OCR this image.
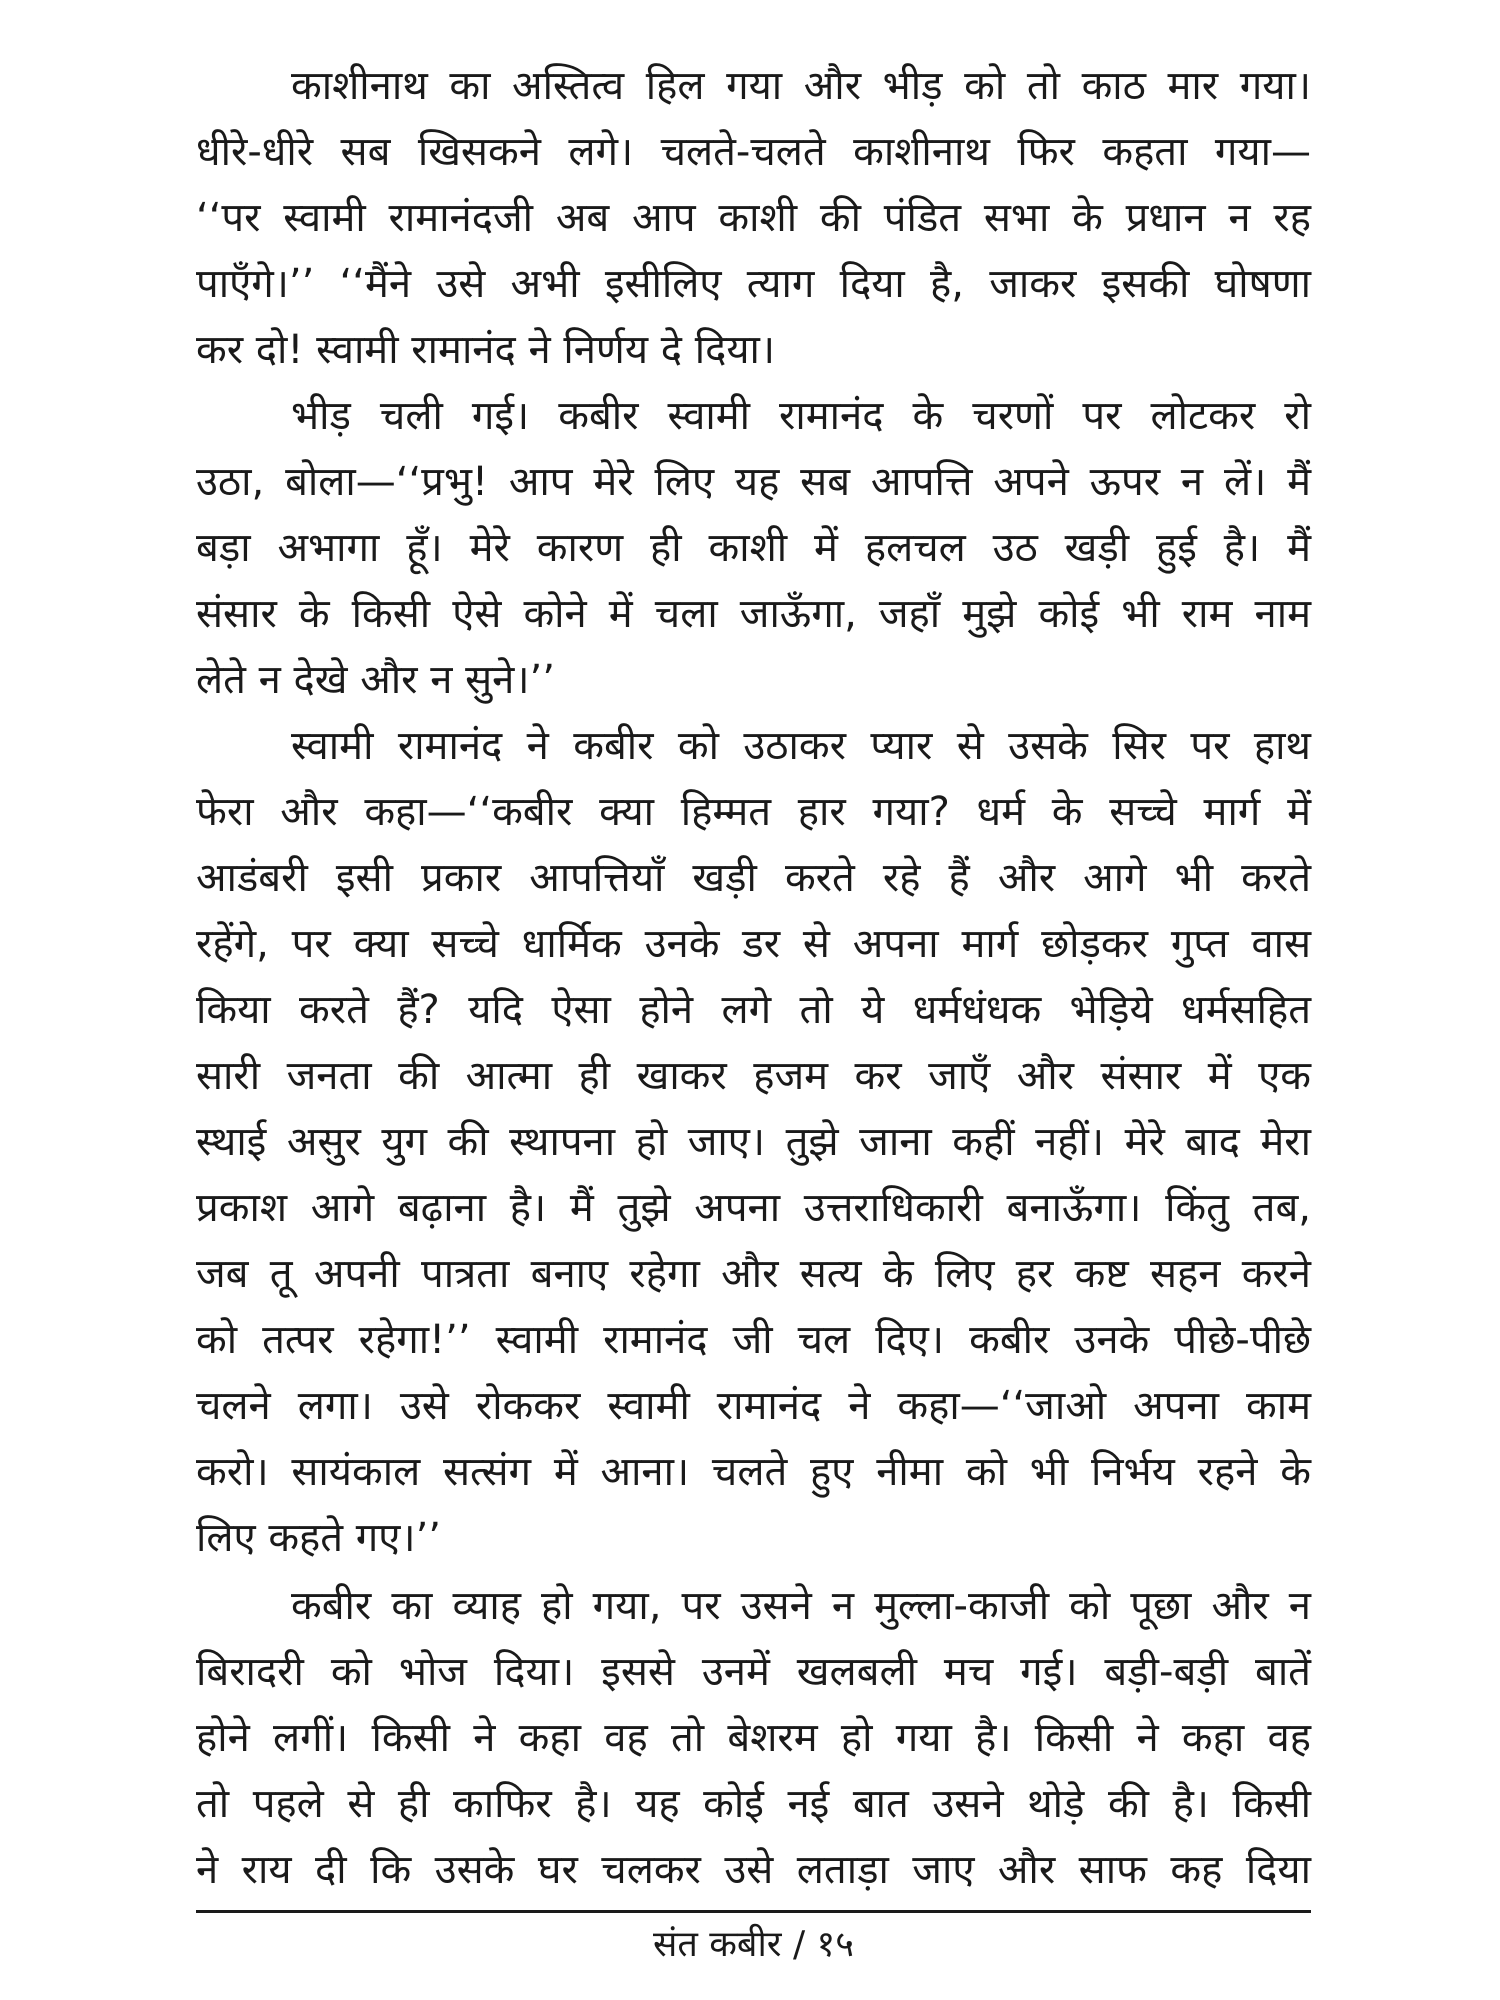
काशीनाथ का अस्तित्व हिल गया और भीड़ को तो काठ मार गया।
धीरे-धीरे सब खिसकने लगे। चलते-चलते काशीनाथ फिर कहता गया—
‘‘पर स्वामी रामानंदजी अब आप काशी की पंडित सभा के प्रधान न रह
पाएँगे।’’ ‘‘मैंने उसे अभी इसीलिए त्याग दिया है, जाकर इसकी घोषणा
कर दो! स्वामी रामानंद ने निर्णय दे दिया।
भीड़ चली गई। कबीर स्वामी रामानंद के चरणों पर लोटकर रो
उठा, बोला—‘‘प्रभु! आप मेरे लिए यह सब आपत्ति अपने ऊपर न लें। मैं
बड़ा अभागा हूँ। मेरे कारण ही काशी में हलचल उठ खड़ी हुई है। मैं
संसार के किसी ऐसे कोने में चला जाऊँगा, जहाँ मुझे कोई भी राम नाम
लेते न देखे और न सुने।’’
स्वामी रामानंद ने कबीर को उठाकर प्यार से उसके सिर पर हाथ
फेरा और कहा—‘‘कबीर क्या हिम्मत हार गया? धर्म के सच्चे मार्ग में
आडंबरी इसी प्रकार आपत्तियाँ खड़ी करते रहे हैं और आगे भी करते
रहेंगे, पर क्या सच्चे धार्मिक उनके डर से अपना मार्ग छोड़कर गुप्त वास
किया करते हैं? यदि ऐसा होने लगे तो ये धर्मधंधक भेड़िये धर्मसहित
सारी जनता की आत्मा ही खाकर हजम कर जाएँ और संसार में एक
स्थाई असुर युग की स्थापना हो जाए। तुझे जाना कहीं नहीं। मेरे बाद मेरा
प्रकाश आगे बढ़ाना है। मैं तुझे अपना उत्तराधिकारी बनाऊँगा। किंतु तब,
जब तू अपनी पात्रता बनाए रहेगा और सत्य के लिए हर कष्ट सहन करने
को तत्पर रहेगा!’’ स्वामी रामानंद जी चल दिए। कबीर उनके पीछे-पीछे
चलने लगा। उसे रोककर स्वामी रामानंद ने कहा—‘‘जाओ अपना काम
करो। सायंकाल सत्संग में आना। चलते हुए नीमा को भी निर्भय रहने के
लिए कहते गए।’’
कबीर का व्याह हो गया, पर उसने न मुल्ला-काजी को पूछा और न
बिरादरी को भोज दिया। इससे उनमें खलबली मच गई। बड़ी-बड़ी बातें
होने लगीं। किसी ने कहा वह तो बेशरम हो गया है। किसी ने कहा वह
तो पहले से ही काफिर है। यह कोई नई बात उसने थोड़े की है। किसी
ने राय दी कि उसके घर चलकर उसे लताड़ा जाए और साफ कह दिया
संत कबीर / १५
